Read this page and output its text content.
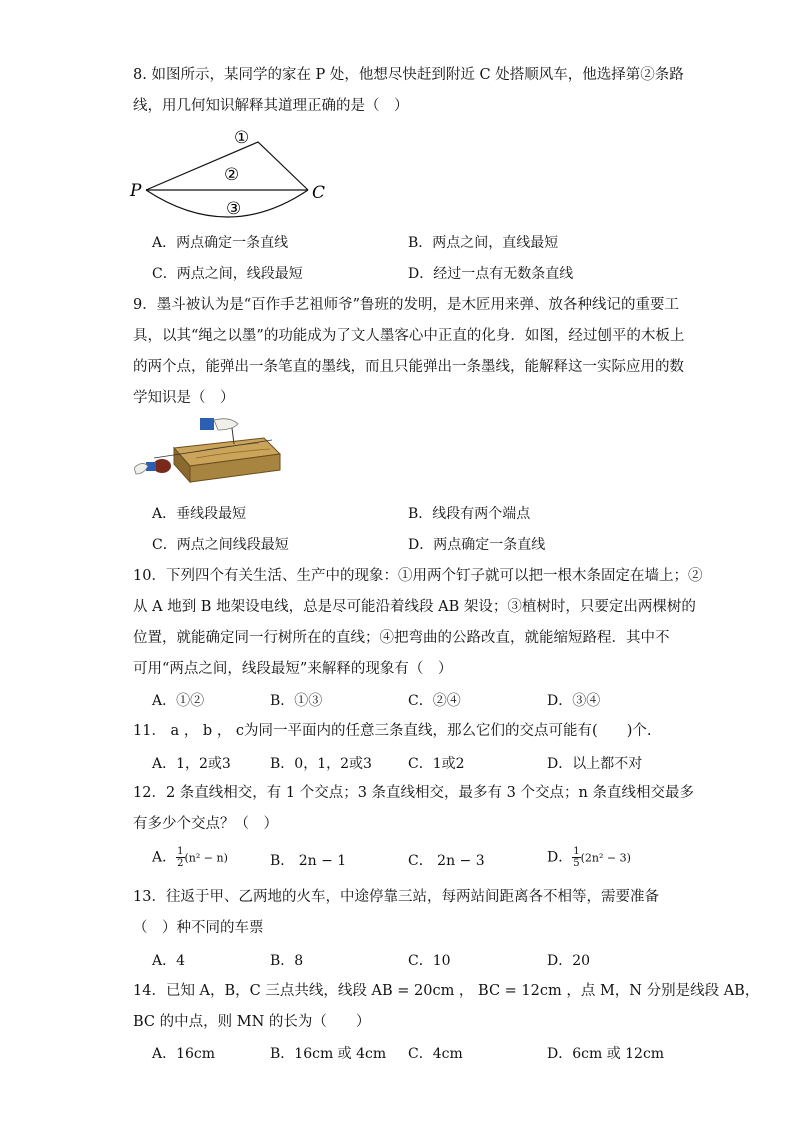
8. 如图所示，某同学的家在 P 处，他想尽快赶到附近 C 处搭顺风车，他选择第②条路
线，用几何知识解释其道理正确的是（　）
①
②
③
P	C
A．两点确定一条直线	B．两点之间，直线最短
C．两点之间，线段最短	D．经过一点有无数条直线
9．墨斗被认为是“百作手艺祖师爷”鲁班的发明，是木匠用来弹、放各种线记的重要工
具，以其“绳之以墨”的功能成为了文人墨客心中正直的化身．如图，经过刨平的木板上
的两个点，能弹出一条笔直的墨线，而且只能弹出一条墨线，能解释这一实际应用的数
学知识是（　）
A．垂线段最短	B．线段有两个端点
C．两点之间线段最短	D．两点确定一条直线
10．下列四个有关生活、生产中的现象：①用两个钉子就可以把一根木条固定在墙上；②
从 A 地到 B 地架设电线，总是尽可能沿着线段 AB 架设；③植树时，只要定出两棵树的
位置，就能确定同一行树所在的直线；④把弯曲的公路改直，就能缩短路程．其中不
可用“两点之间，线段最短”来解释的现象有（　）
A．①②	B．①③	C．②④	D．③④
11． a ， b ， c为同一平面内的任意三条直线，那么它们的交点可能有(　　)个.
A．1，2或3	B．0，1，2或3	C．1或2	D．以上都不对
12．2 条直线相交，有 1 个交点；3 条直线相交，最多有 3 个交点；n 条直线相交最多
有多少个交点？（　）
A． $\frac{1}{2} (n^2 - n)$	B． 2n − 1	C． 2n − 3	D． $\frac{1}{5} (2n^2 - 3)$
13．往返于甲、乙两地的火车，中途停靠三站，每两站间距离各不相等，需要准备
（　）种不同的车票
A．4	B．8	C．10	D．20
14．已知 A，B，C 三点共线，线段 AB = 20cm ， BC = 12cm ，点 M，N 分别是线段 AB，
BC 的中点，则 MN 的长为（　　）
A．16cm	B．16cm 或 4cm C．4cm	D．6cm 或 12cm
